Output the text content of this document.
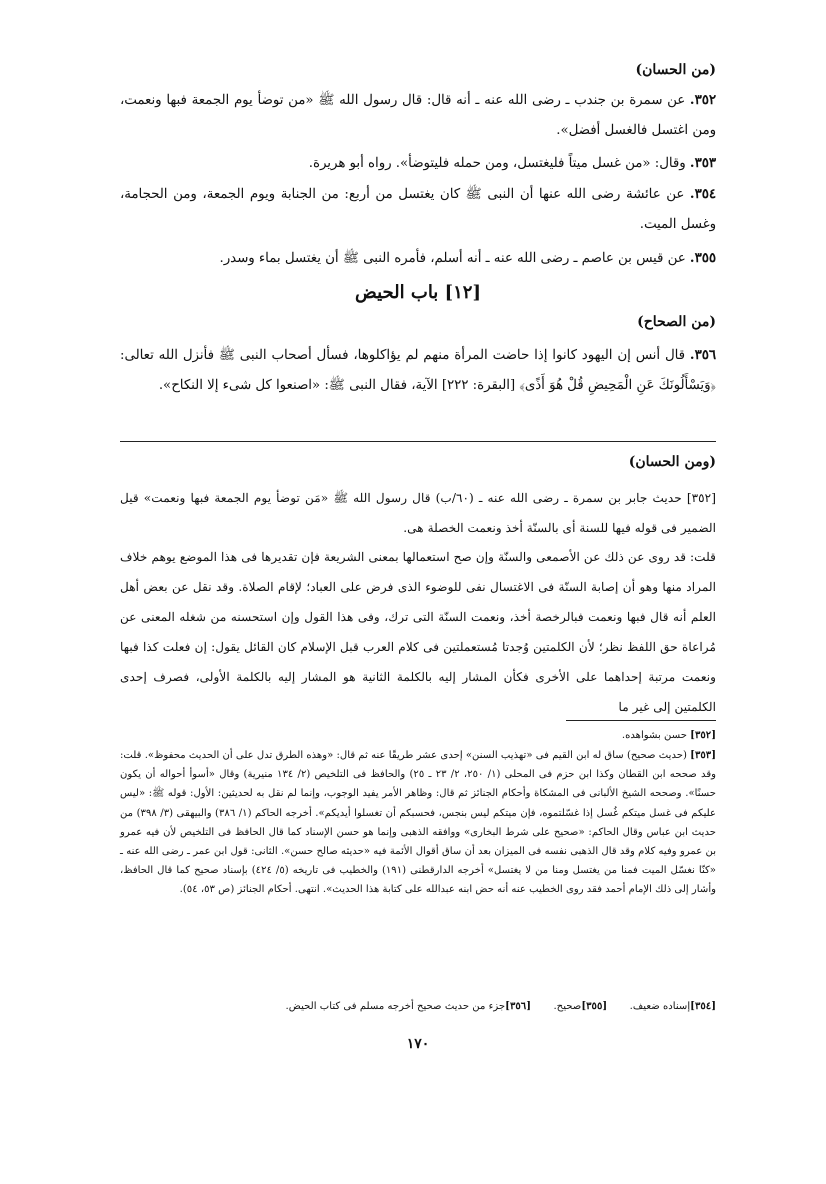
(من الحسان)
٣٥٢. عن سمرة بن جندب ـ رضى الله عنه ـ أنه قال: قال رسول الله ﷺ «من توضأ يوم الجمعة فبها ونعمت، ومن اغتسل فالغسل أفضل».
٣٥٣. وقال: «من غسل ميتاً فليغتسل، ومن حمله فليتوضأ». رواه أبو هريرة.
٣٥٤. عن عائشة رضى الله عنها أن النبى ﷺ كان يغتسل من أربع: من الجنابة ويوم الجمعة، ومن الحجامة، وغسل الميت.
٣٥٥. عن قيس بن عاصم ـ رضى الله عنه ـ أنه أسلم، فأمره النبى ﷺ أن يغتسل بماء وسدر.
[١٢] باب الحيض
(من الصحاح)
٣٥٦. قال أنس إن اليهود كانوا إذا حاضت المرأة منهم لم يؤاكلوها، فسأل أصحاب النبى ﷺ فأنزل الله تعالى: ﴿وَيَسْأَلُونَكَ عَنِ الْمَحِيضِ قُلْ هُوَ أَذًى﴾ [البقرة: ٢٢٢] الآية، فقال النبى ﷺ: «اصنعوا كل شىء إلا النكاح».
(ومن الحسان)

[٣٥٢] حديث جابر بن سمرة ـ رضى الله عنه ـ (٦٠/ب) قال رسول الله ﷺ «مَن توضأ يوم الجمعة فبها ونعمت» قيل الضمير فى قوله فيها للسنة أى بالسنّة أخذ ونعمت الخصلة هى.

قلت: قد روى عن ذلك عن الأصمعى والسنّة وإن صح استعمالها بمعنى الشريعة فإن تقديرها فى هذا الموضع يوهم خلاف المراد منها وهو أن إصابة السنّة فى الاغتسال نفى للوضوء الذى فرض على العباد؛ لإقام الصلاة. وقد نقل عن بعض أهل العلم أنه قال فبها ونعمت فبالرخصة أخذ، ونعمت السنّة التى ترك، وفى هذا القول وإن استحسنه من شغله المعنى عن مُراعاة حق اللفظ نظر؛ لأن الكلمتين وُجدتا مُستعملتين فى كلام العرب قبل الإسلام كان القائل يقول: إن فعلت كذا فبها ونعمت مرتبة إحداهما على الأخرى فكأن المشار إليه بالكلمة الثانية هو المشار إليه بالكلمة الأولى، فصرف إحدى الكلمتين إلى غير ما

[٣٥٢] حسن بشواهده.

[٣٥٣] (حديث صحيح) ساق له ابن القيم فى «تهذيب السنن» إحدى عشر طريقًا عنه ثم قال: «وهذه الطرق تدل على أن الحديث محفوظ». قلت: وقد صححه ابن القطان وكذا ابن حزم فى المحلى (١/ ٢٥٠، ٢/ ٢٣ ـ ٢٥) والحافظ فى التلخيص (٢/ ١٣٤ منيرية) وقال «أسوأ أحواله أن يكون حسنًا». وصححه الشيخ الألبانى فى المشكاة وأحكام الجنائز ثم قال: وظاهر الأمر يفيد الوجوب، وإنما لم نقل به لحديثين: الأول: قوله ﷺ: «ليس عليكم فى غسل ميتكم غُسل إذا غسّلتموه، فإن ميتكم ليس بنجس، فحسبكم أن تغسلوا أيديكم». أخرجه الحاكم (١/ ٣٨٦) والبيهقى (٣/ ٣٩٨) من حديث ابن عباس وقال الحاكم: «صحيح على شرط البخارى» ووافقه الذهبى وإنما هو حسن الإسناد كما قال الحافظ فى التلخيص لأن فيه عمرو بن عمرو وفيه كلام وقد قال الذهبى نفسه فى الميزان بعد أن ساق أقوال الأئمة فيه «حديثه صالح حسن». الثانى: قول ابن عمر ـ رضى الله عنه ـ «كنّا نغسّل الميت فمنا من يغتسل ومنا من لا يغتسل» أخرجه الدارقطنى (١٩١) والخطيب فى تاريخه (٥/ ٤٢٤) بإسناد صحيح كما قال الحافظ، وأشار إلى ذلك الإمام أحمد فقد روى الخطيب عنه أنه حض ابنه عبدالله على كتابة هذا الحديث». انتهى. أحكام الجنائز (ص ٥٣، ٥٤).

[٣٥٤]إسناده ضعيف.       [٣٥٥]صحيح.       [٣٥٦]جزء من حديث صحيح أخرجه مسلم فى كتاب الحيض.
١٧٠
